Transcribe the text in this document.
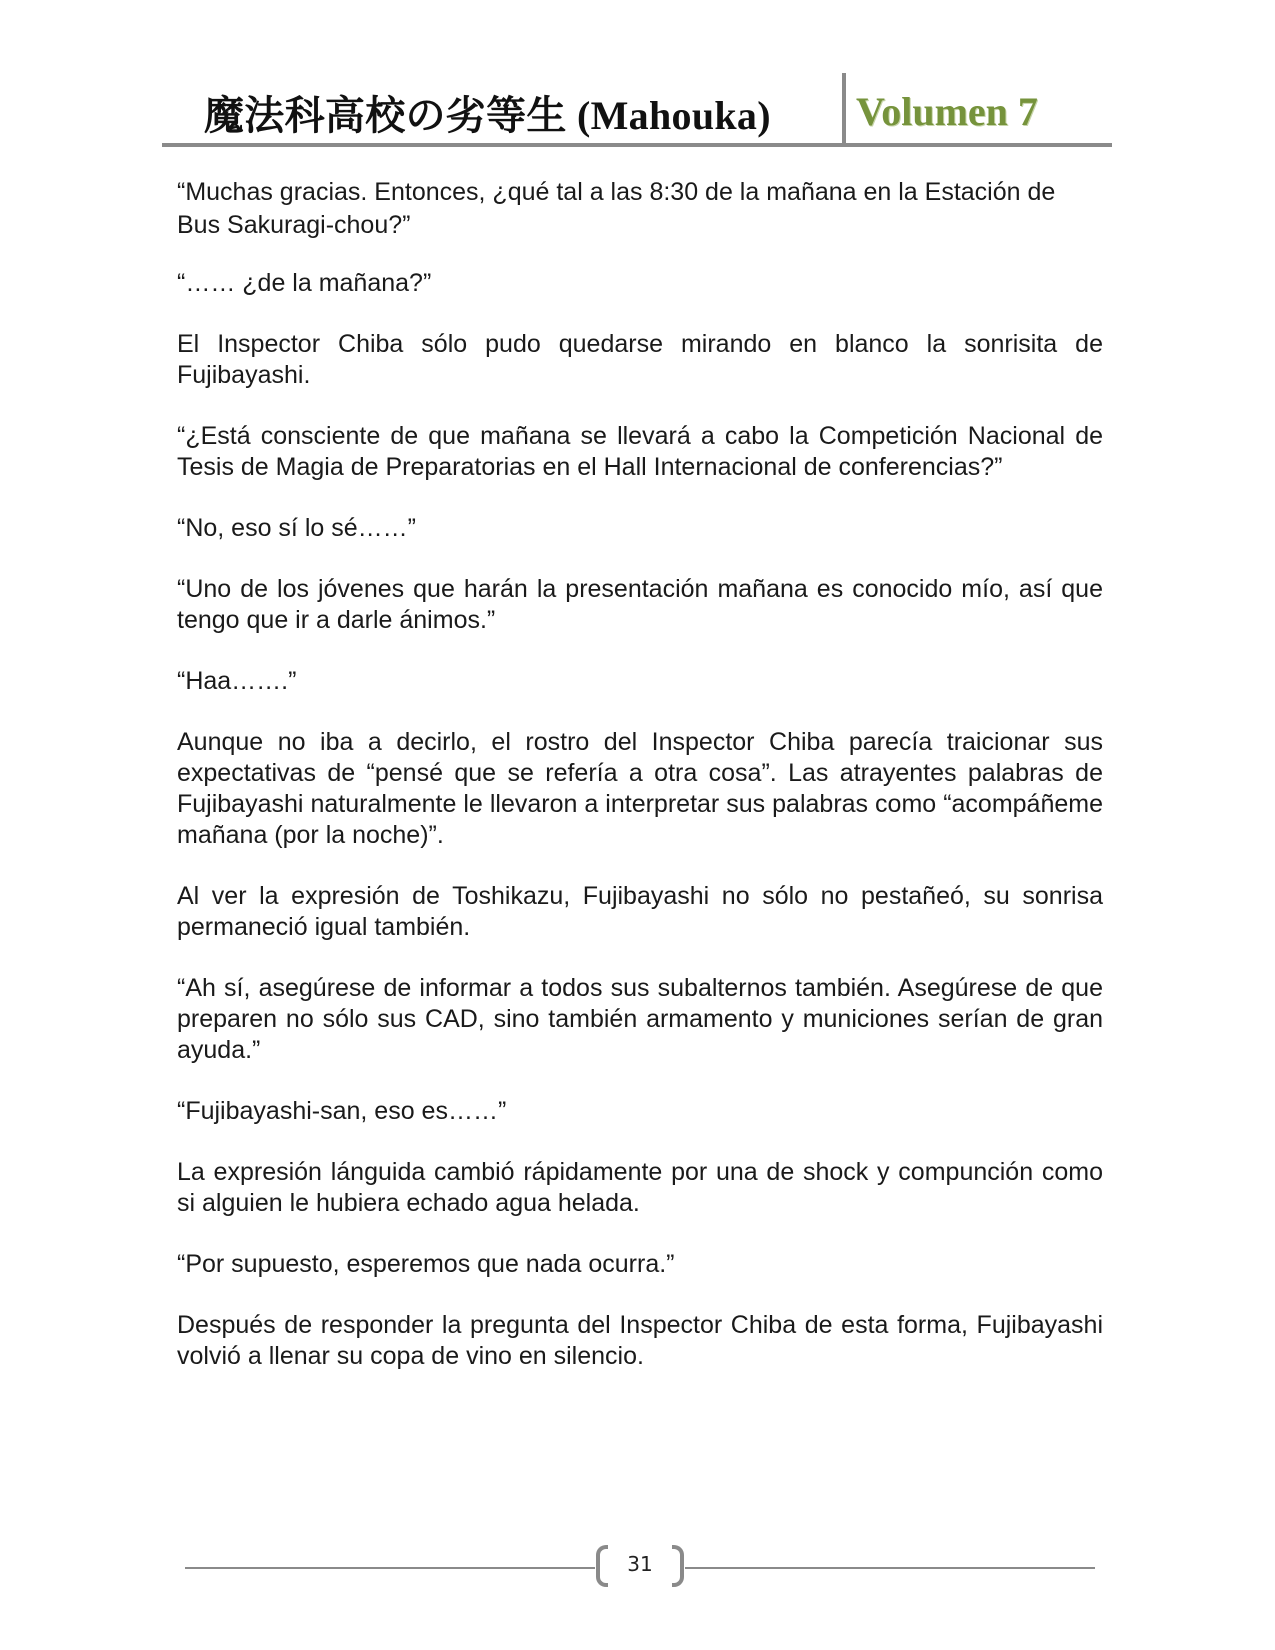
魔法科高校の劣等生 (Mahouka) Volumen 7

“Muchas gracias. Entonces, ¿qué tal a las 8:30 de la mañana en la Estación de Bus Sakuragi-chou?”

“…… ¿de la mañana?”

El Inspector Chiba sólo pudo quedarse mirando en blanco la sonrisita de Fujibayashi.

“¿Está consciente de que mañana se llevará a cabo la Competición Nacional de Tesis de Magia de Preparatorias en el Hall Internacional de conferencias?”

“No, eso sí lo sé……”

“Uno de los jóvenes que harán la presentación mañana es conocido mío, así que tengo que ir a darle ánimos.”

“Haa…….”

Aunque no iba a decirlo, el rostro del Inspector Chiba parecía traicionar sus expectativas de “pensé que se refería a otra cosa”. Las atrayentes palabras de Fujibayashi naturalmente le llevaron a interpretar sus palabras como “acompáñeme mañana (por la noche)”.

Al ver la expresión de Toshikazu, Fujibayashi no sólo no pestañeó, su sonrisa permaneció igual también.

“Ah sí, asegúrese de informar a todos sus subalternos también. Asegúrese de que preparen no sólo sus CAD, sino también armamento y municiones serían de gran ayuda.”

“Fujibayashi-san, eso es……”

La expresión lánguida cambió rápidamente por una de shock y compunción como si alguien le hubiera echado agua helada.

“Por supuesto, esperemos que nada ocurra.”

Después de responder la pregunta del Inspector Chiba de esta forma, Fujibayashi volvió a llenar su copa de vino en silencio.

31
